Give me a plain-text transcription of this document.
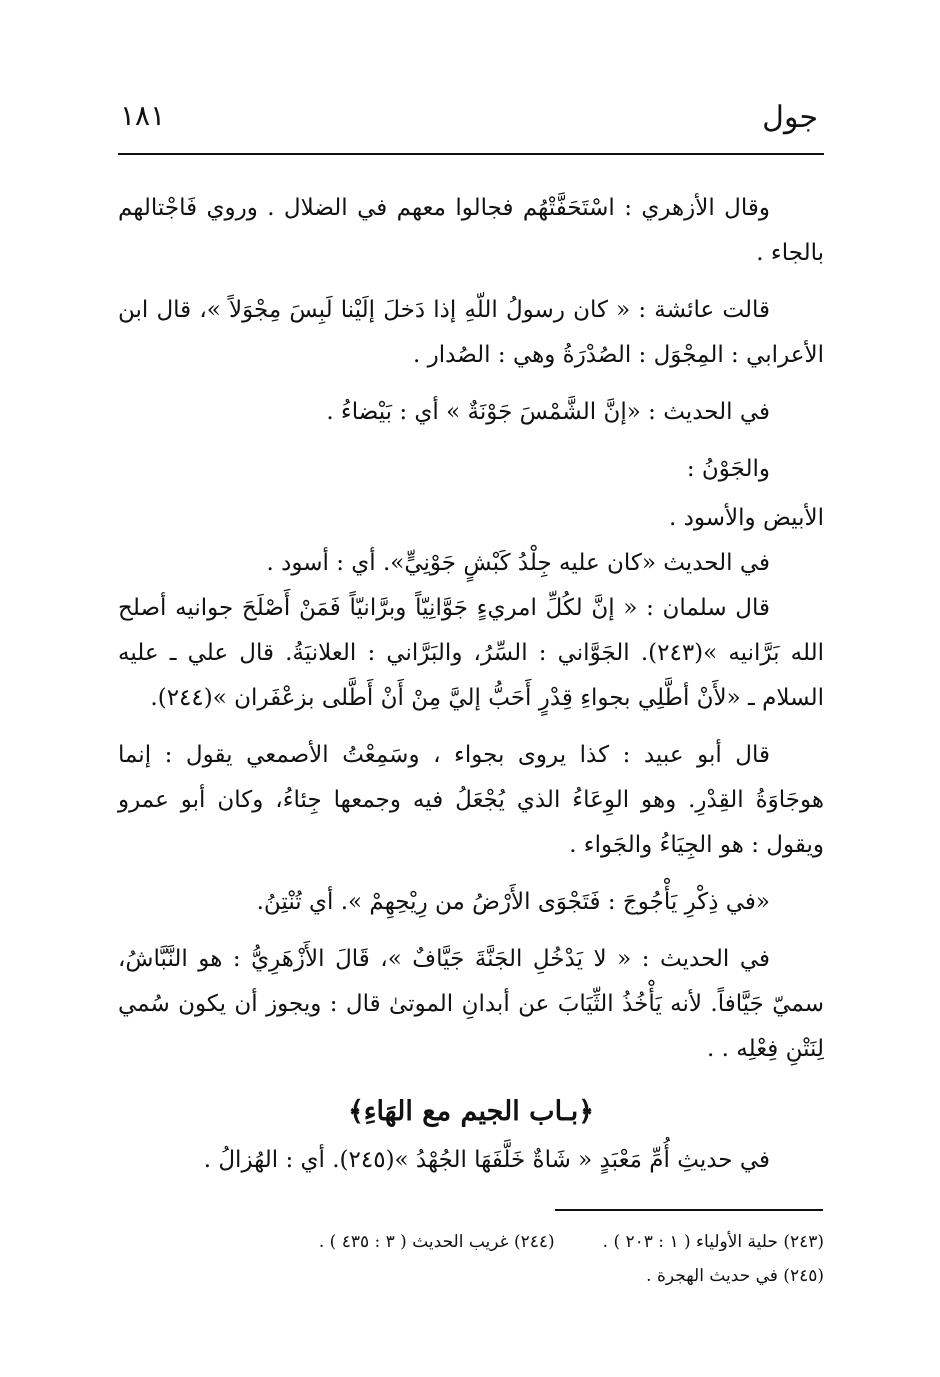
جول
١٨١

وقال الأزهري : اسْتَحَفَّتْهُم فجالوا معهم في الضلال . وروي فَاجْتالهم بالجاء .

قالت عائشة : « كان رسولُ اللّهِ إذا دَخلَ إلَيْنا لَبِسَ مِجْوَلاً »، قال ابن الأعرابي : المِجْوَل : الصُدْرَةُ وهي : الصُدار .

في الحديث : «إنَّ الشَّمْسَ جَوْنَةٌ » أي : بَيْضاءُ .

والجَوْنُ :

الأبيض والأسود .

في الحديث «كان عليه جِلْدُ كَبْشٍ جَوْنِيٍّ». أي : أسود .

قال سلمان : « إنَّ لكُلِّ امريءٍ جَوَّانِيّاً وبرَّانيّاً فَمَنْ أَصْلَحَ جوانيه أصلح الله بَرَّانيه »(٢٤٣). الجَوَّاني : السِّرُ، والبَرَّاني : العلانيَةُ. قال علي ـ عليه السلام ـ «لأَنْ أطَّلِي بجواءِ قِدْرٍ أَحَبُّ إليَّ مِنْ أَنْ أَطَّلى بزعْفَران »(٢٤٤).

قال أبو عبيد : كذا يروى بجواء ، وسَمِعْتُ الأصمعي يقول : إنما هوجَاوَةُ القِدْرِ. وهو الوِعَاءُ الذي يُجْعَلُ فيه وجمعها جِئاءُ، وكان أبو عمرو ويقول : هو الجِيَاءُ والجَواء .

«في ذِكْرِ يَأْجُوجَ : فَتَجْوَى الأَرْضُ من رِيْحِهِمْ ». أي تُنْتِنُ.

في الحديث : « لا يَدْخُلِ الجَنَّةَ جَيَّافٌ »، قَالَ الأَزْهَرِيُّ : هو النَّبَّاشُ، سميّ جَيَّافاً. لأنه يَأْخُذُ الثِّيَابَ عن أبدانِ الموتىٰ قال : ويجوز أن يكون سُمي لِنَتْنِ فِعْلِه . .

﴿بـاب الجيم مع الهَاءِ﴾

في حديثِ أُمِّ مَعْبَدٍ « شَاةٌ خَلَّفَهَا الجُهْدُ »(٢٤٥). أي : الهُزالُ .

(٢٤٣) حلية الأولياء ( ١ : ٢٠٣ ) .
(٢٤٤) غريب الحديث ( ٣ : ٤٣٥ ) .
(٢٤٥) في حديث الهجرة .
